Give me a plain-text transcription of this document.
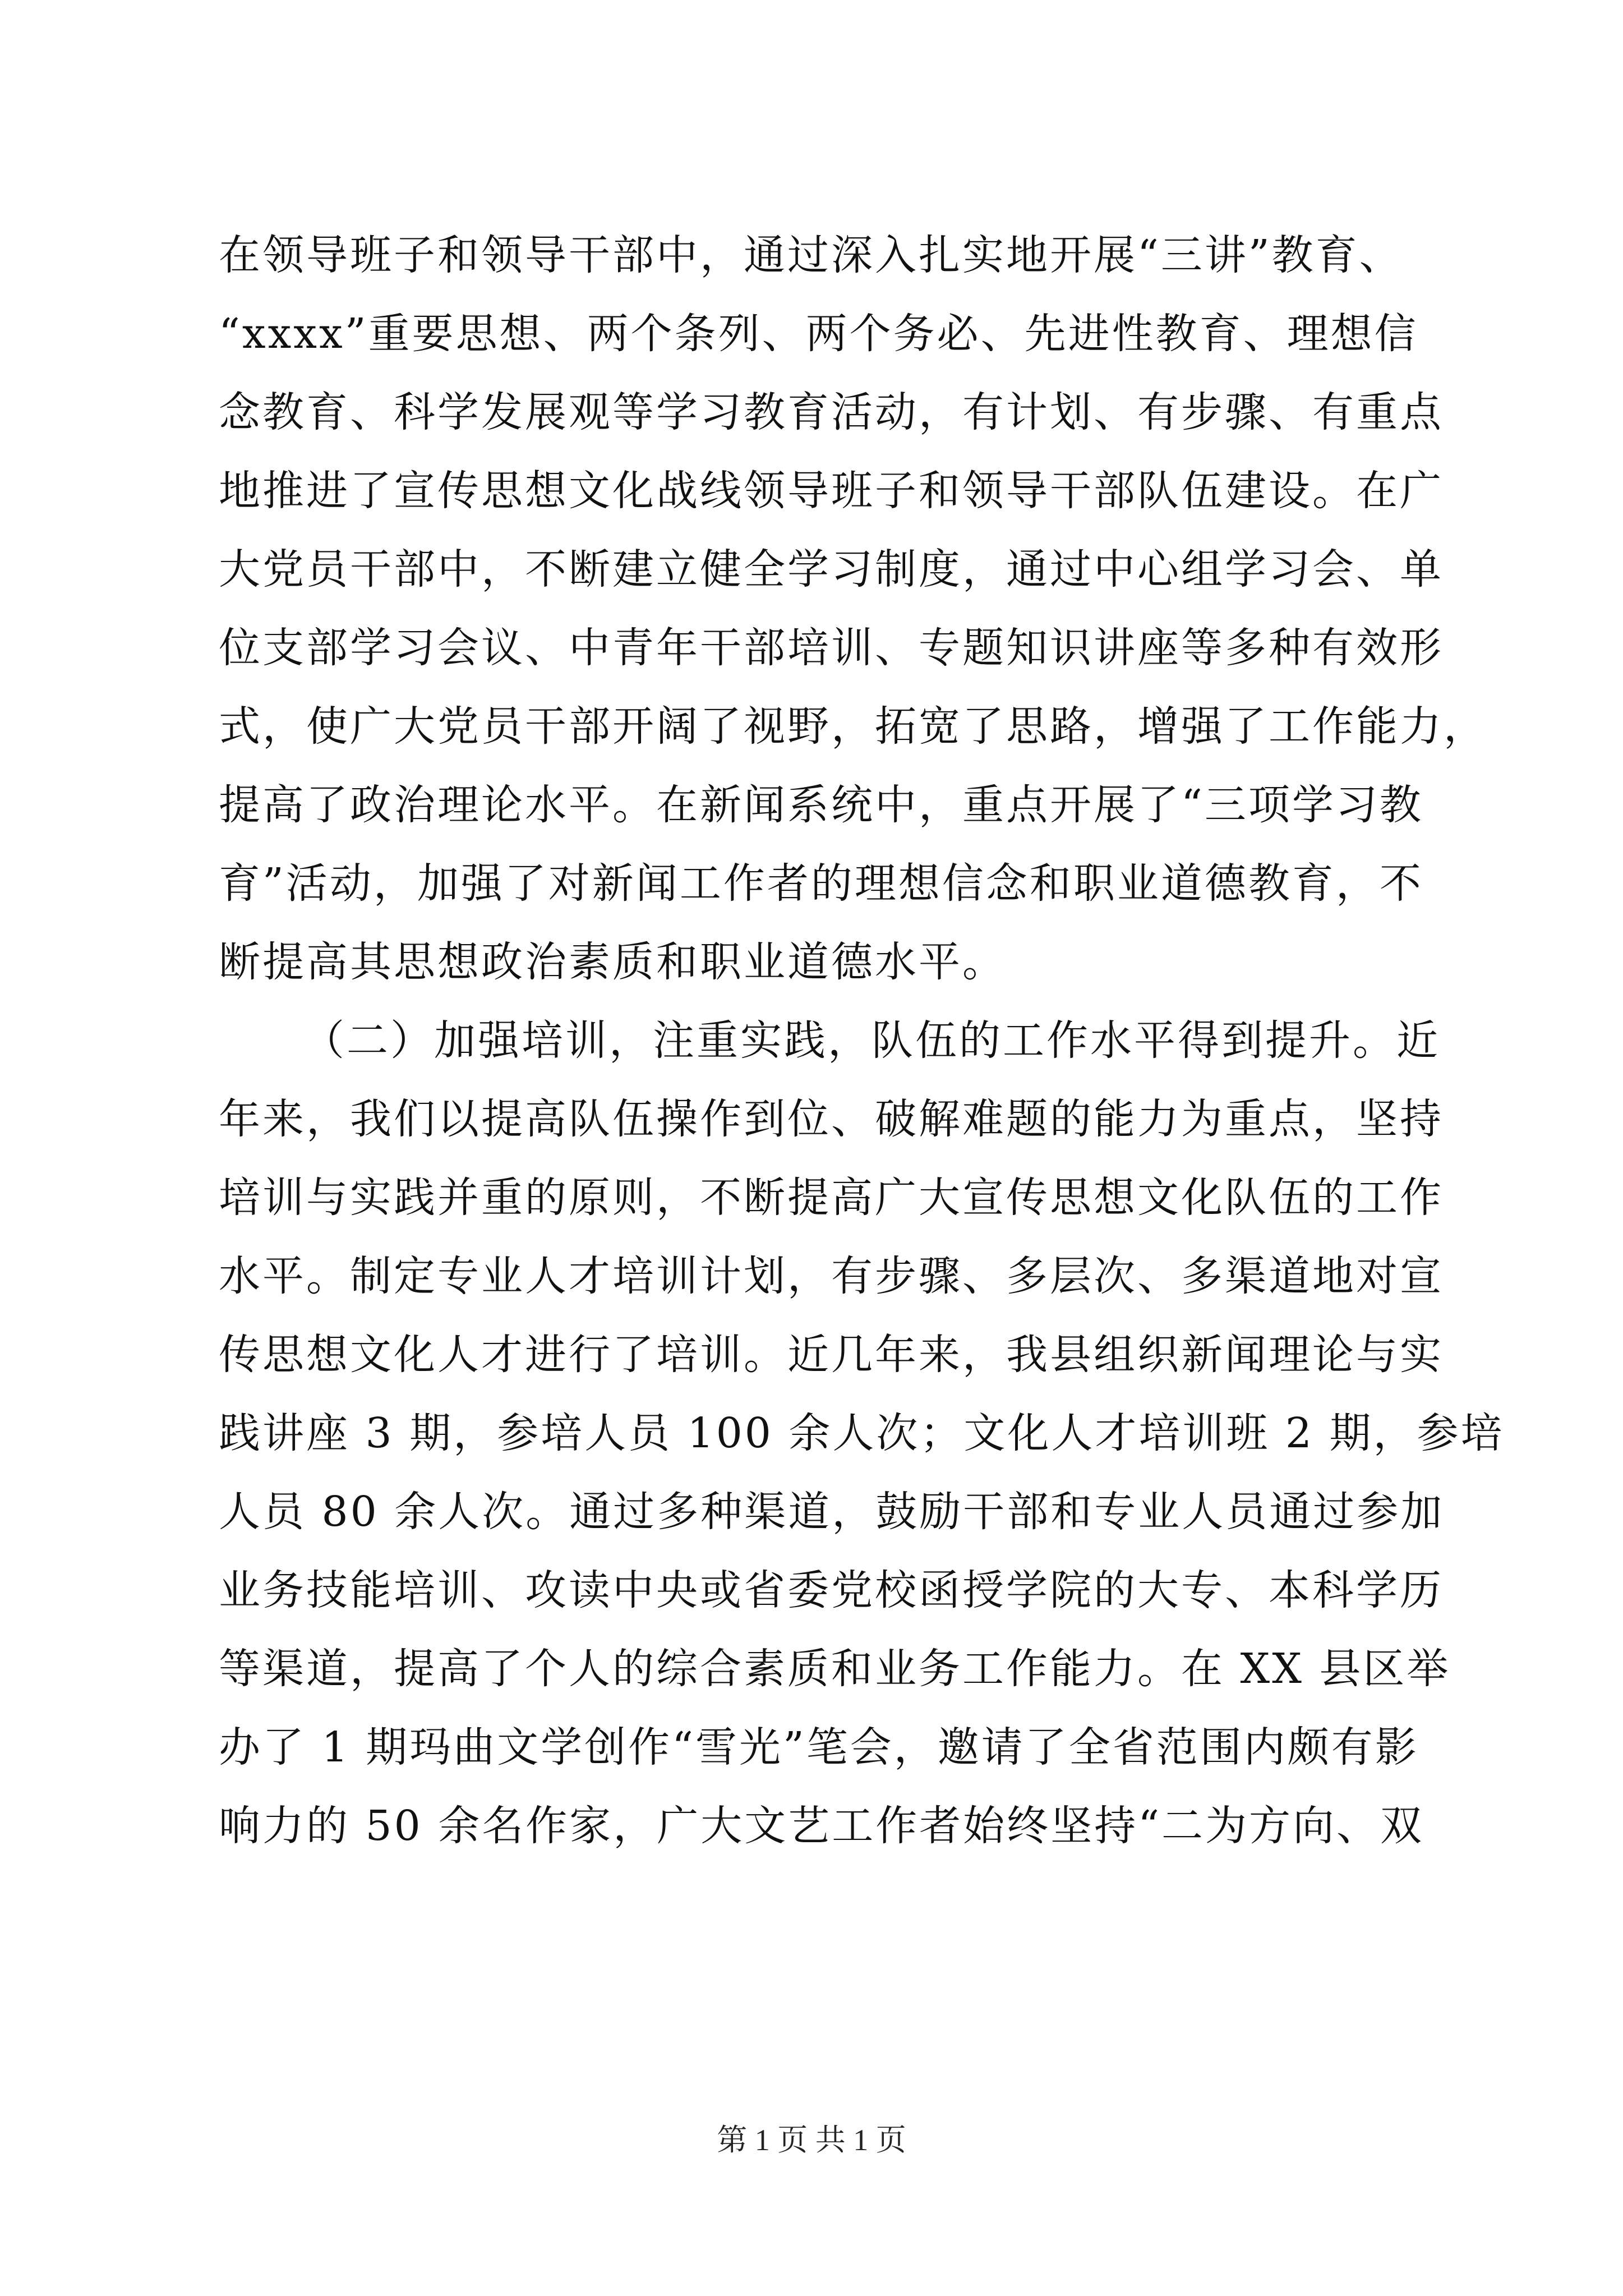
在领导班子和领导干部中，通过深入扎实地开展“三讲”教育、
“xxxx”重要思想、两个条列、两个务必、先进性教育、理想信
念教育、科学发展观等学习教育活动，有计划、有步骤、有重点
地推进了宣传思想文化战线领导班子和领导干部队伍建设。在广
大党员干部中，不断建立健全学习制度，通过中心组学习会、单
位支部学习会议、中青年干部培训、专题知识讲座等多种有效形
式，使广大党员干部开阔了视野，拓宽了思路，增强了工作能力，
提高了政治理论水平。在新闻系统中，重点开展了“三项学习教
育”活动，加强了对新闻工作者的理想信念和职业道德教育，不
断提高其思想政治素质和职业道德水平。
（二）加强培训，注重实践，队伍的工作水平得到提升。近
年来，我们以提高队伍操作到位、破解难题的能力为重点，坚持
培训与实践并重的原则，不断提高广大宣传思想文化队伍的工作
水平。制定专业人才培训计划，有步骤、多层次、多渠道地对宣
传思想文化人才进行了培训。近几年来，我县组织新闻理论与实
践讲座 3 期，参培人员 100 余人次；文化人才培训班 2 期，参培
人员 80 余人次。通过多种渠道，鼓励干部和专业人员通过参加
业务技能培训、攻读中央或省委党校函授学院的大专、本科学历
等渠道，提高了个人的综合素质和业务工作能力。在 XX 县区举
办了 1 期玛曲文学创作“雪光”笔会，邀请了全省范围内颇有影
响力的 50 余名作家，广大文艺工作者始终坚持“二为方向、双
第 1 页 共 1 页
